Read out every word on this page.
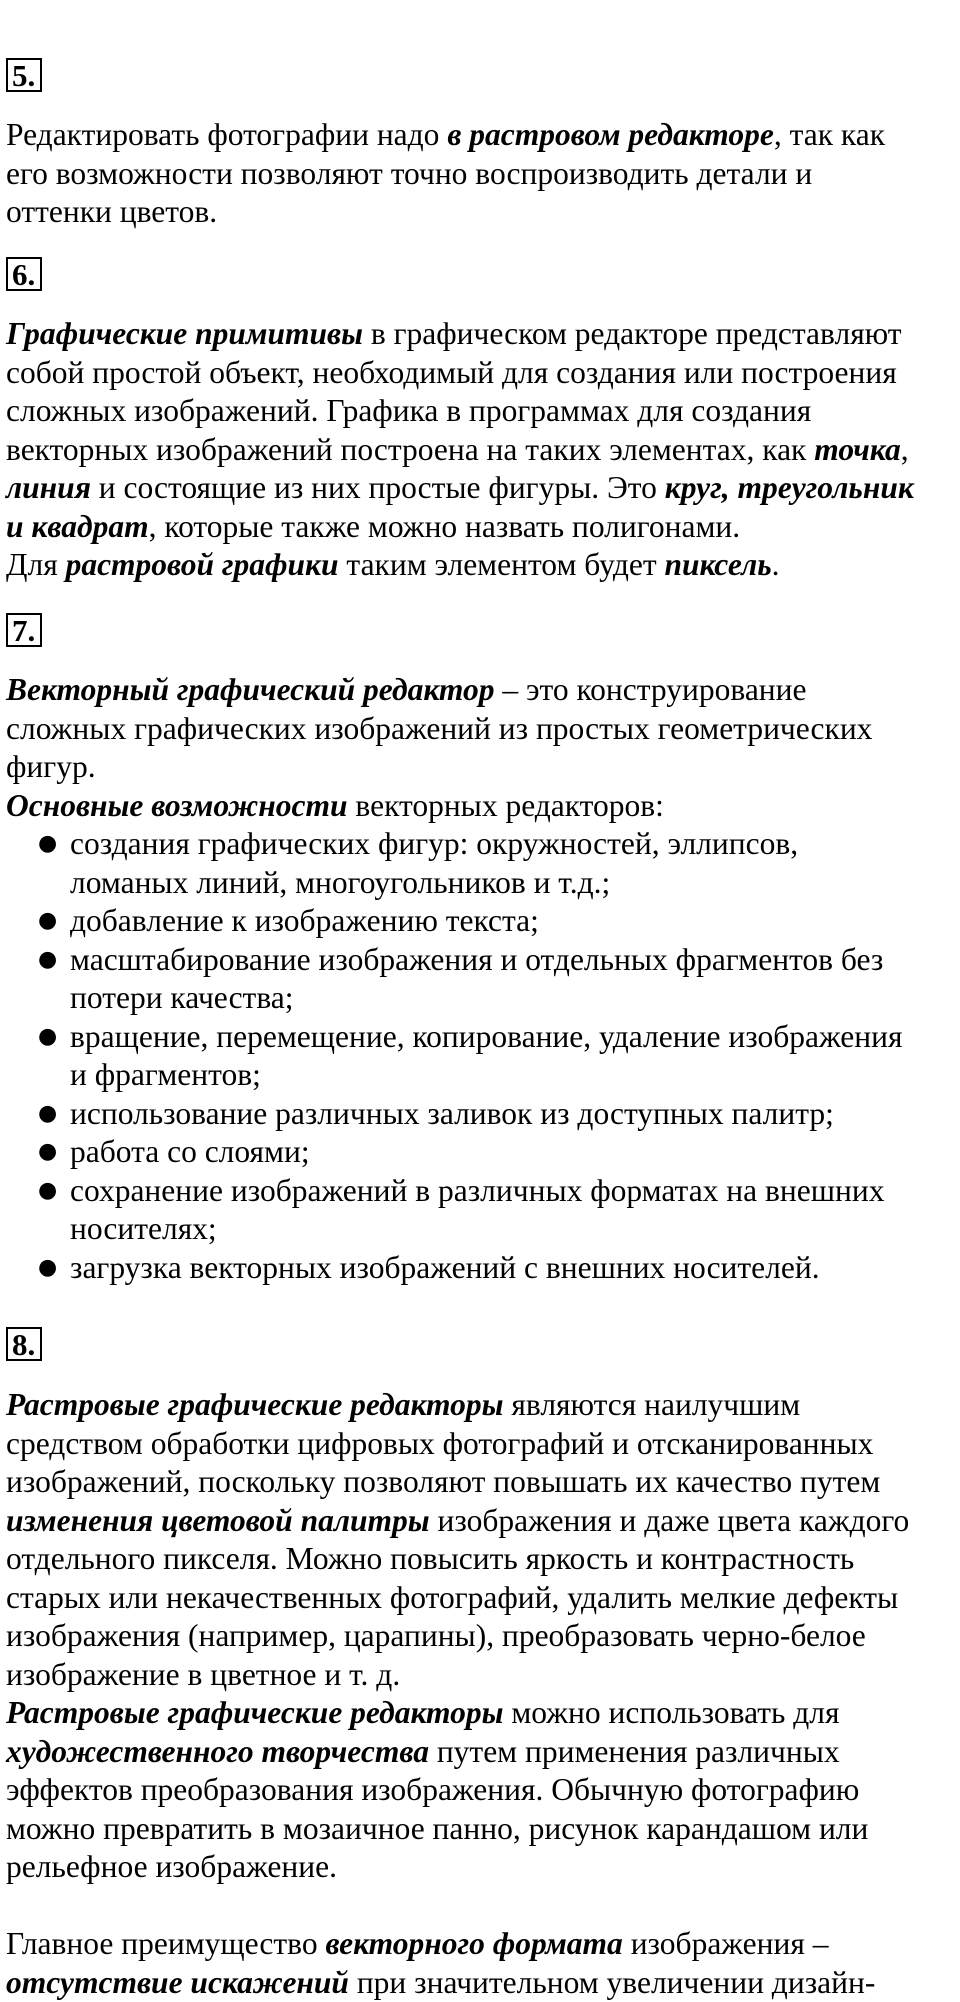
5.

Редактировать фотографии надо в растровом редакторе, так как

его возможности позволяют точно воспроизводить детали и

оттенки цветов.

6.

Графические примитивы в графическом редакторе представляют

собой простой объект, необходимый для создания или построения

сложных изображений. Графика в программах для создания

векторных изображений построена на таких элементах, как точка,

линия и состоящие из них простые фигуры. Это круг, треугольник

и квадрат, которые также можно назвать полигонами.

Для растровой графики таким элементом будет пиксель.

7.

Векторный графический редактор – это конструирование

сложных графических изображений из простых геометрических

фигур.

Основные возможности векторных редакторов:

● создания графических фигур: окружностей, эллипсов,
ломаных линий, многоугольников и т.д.;
● добавление к изображению текста;
● масштабирование изображения и отдельных фрагментов без
потери качества;
● вращение, перемещение, копирование, удаление изображения
и фрагментов;
● использование различных заливок из доступных палитр;
● работа со слоями;
● сохранение изображений в различных форматах на внешних
носителях;
● загрузка векторных изображений с внешних носителей.
8.

Растровые графические редакторы являются наилучшим

средством обработки цифровых фотографий и отсканированных

изображений, поскольку позволяют повышать их качество путем

изменения цветовой палитры изображения и даже цвета каждого

отдельного пикселя. Можно повысить яркость и контрастность

старых или некачественных фотографий, удалить мелкие дефекты

изображения (например, царапины), преобразовать черно-белое

изображение в цветное и т. д.

Растровые графические редакторы можно использовать для

художественного творчества путем применения различных

эффектов преобразования изображения. Обычную фотографию

можно превратить в мозаичное панно, рисунок карандашом или

рельефное изображение.

Главное преимущество векторного формата изображения –

отсутствие искажений при значительном увеличении дизайн-
